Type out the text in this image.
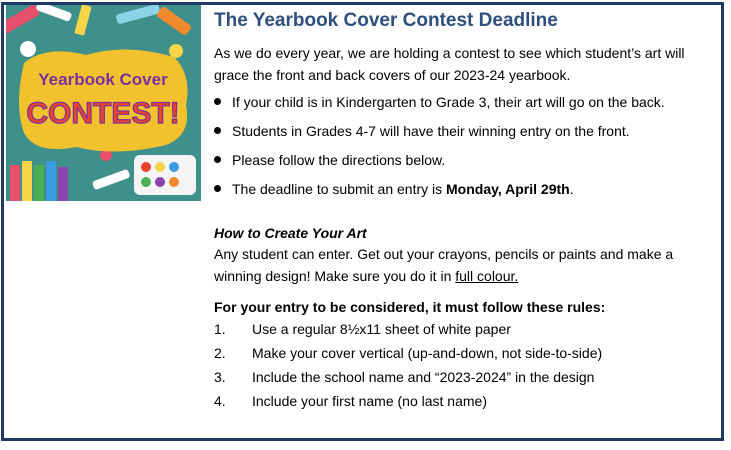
Yearbook Cover
CONTEST!
The Yearbook Cover Contest Deadline

As we do every year, we are holding a contest to see which student’s art will grace the front and back covers of our 2023-24 yearbook.

If your child is in Kindergarten to Grade 3, their art will go on the back.
Students in Grades 4-7 will have their winning entry on the front.
Please follow the directions below.
The deadline to submit an entry is Monday, April 29th.

How to Create Your Art

Any student can enter. Get out your crayons, pencils or paints and make a winning design! Make sure you do it in full colour.

For your entry to be considered, it must follow these rules:

1. Use a regular 8½x11 sheet of white paper
2. Make your cover vertical (up-and-down, not side-to-side)
3. Include the school name and “2023-2024” in the design
4. Include your first name (no last name)
